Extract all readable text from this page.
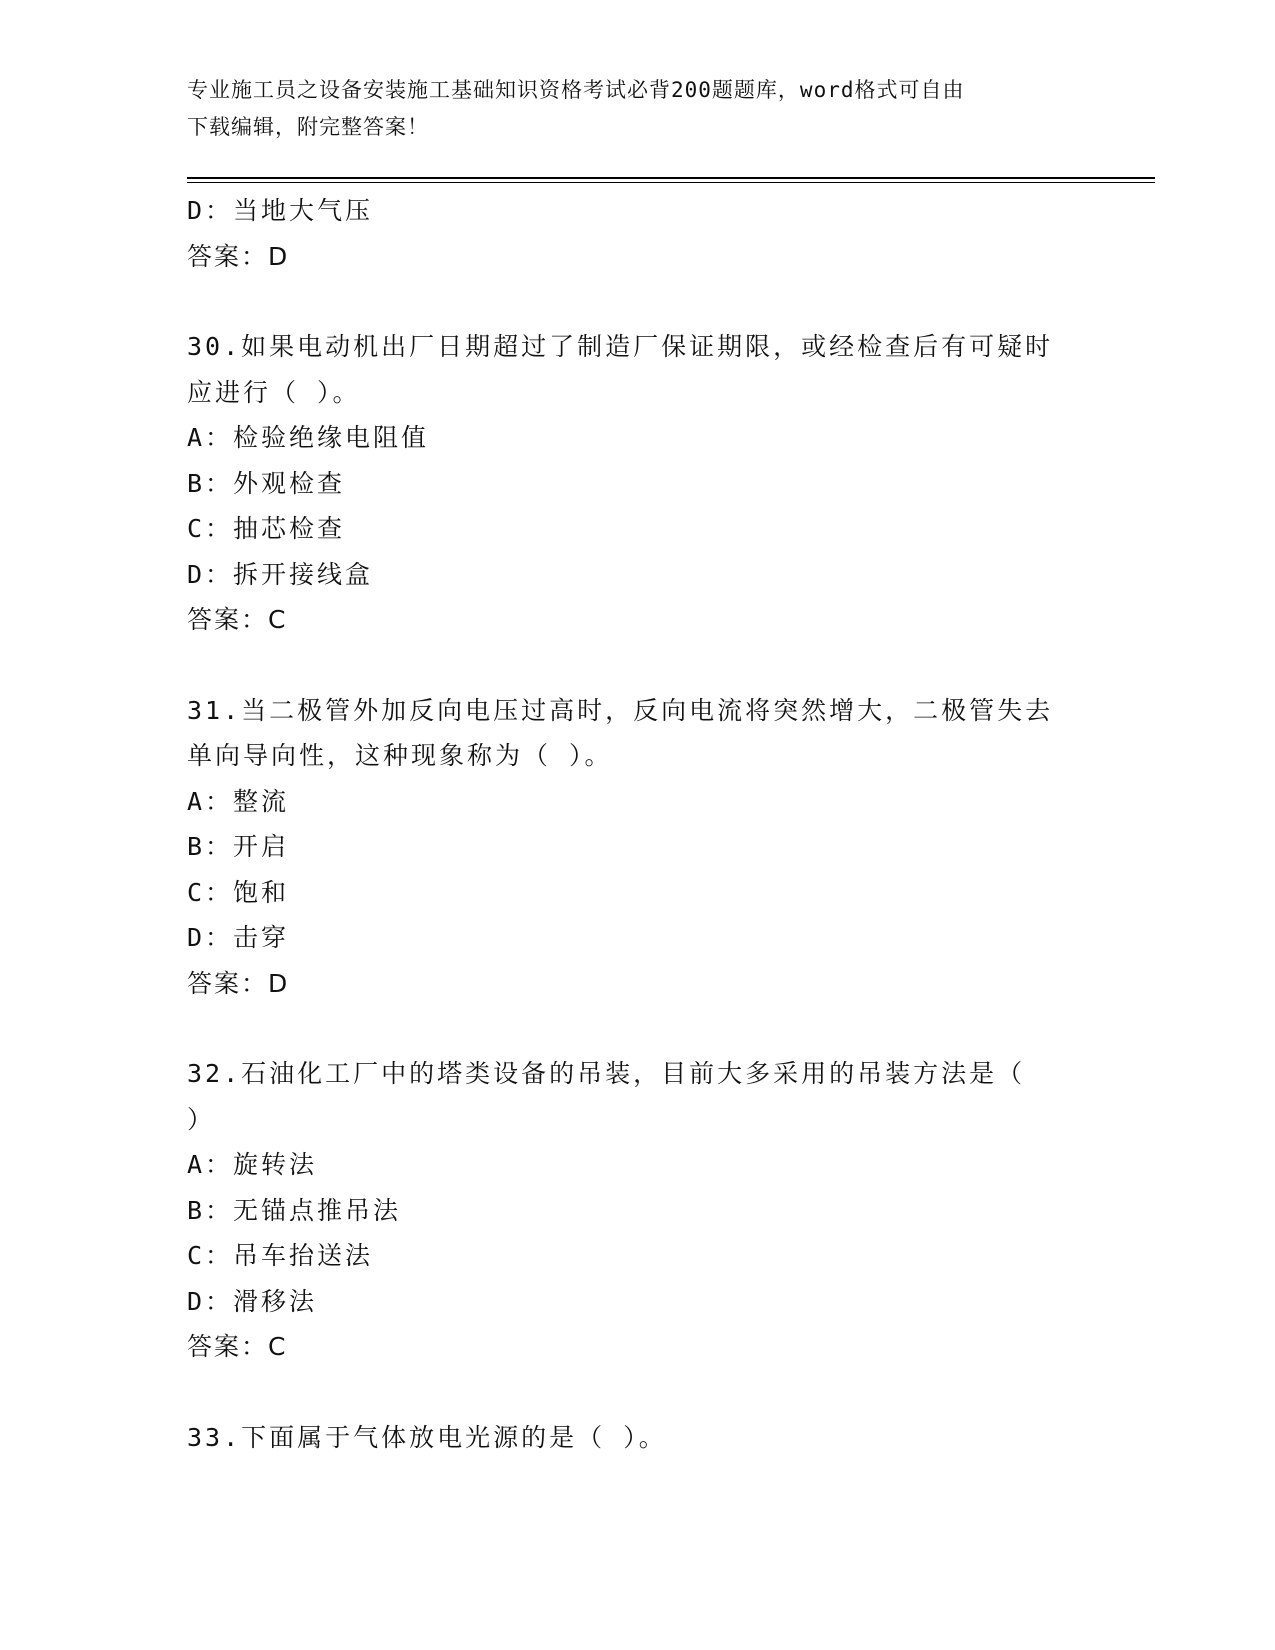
专业施工员之设备安装施工基础知识资格考试必背200题题库，word格式可自由
下载编辑，附完整答案！
D：当地大气压
答案：D
30.如果电动机出厂日期超过了制造厂保证期限，或经检查后有可疑时
应进行（ ）。
A：检验绝缘电阻值
B：外观检查
C：抽芯检查
D：拆开接线盒
答案：C
31.当二极管外加反向电压过高时，反向电流将突然增大，二极管失去
单向导向性，这种现象称为（ ）。
A：整流
B：开启
C：饱和
D：击穿
答案：D
32.石油化工厂中的塔类设备的吊装，目前大多采用的吊装方法是（
）
A：旋转法
B：无锚点推吊法
C：吊车抬送法
D：滑移法
答案：C
33.下面属于气体放电光源的是（ ）。
